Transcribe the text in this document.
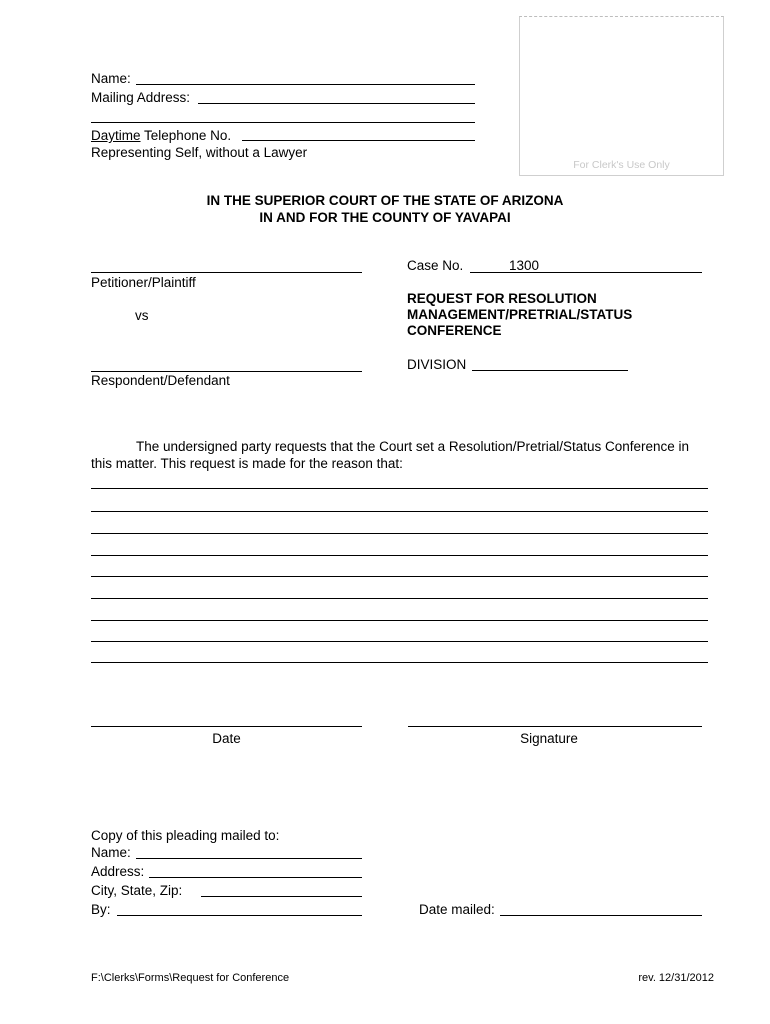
For Clerk's Use Only
Name:
Mailing Address:
Daytime Telephone No.
Representing Self, without a Lawyer
IN THE SUPERIOR COURT OF THE STATE OF ARIZONA
IN AND FOR THE COUNTY OF YAVAPAI
Petitioner/Plaintiff
vs
Respondent/Defendant
Case No.	1300
REQUEST FOR RESOLUTION
MANAGEMENT/PRETRIAL/STATUS
CONFERENCE
DIVISION
The undersigned party requests that the Court set a Resolution/Pretrial/Status Conference in
this matter. This request is made for the reason that:
Date	Signature
Copy of this pleading mailed to:
Name:
Address:
City, State, Zip:
By:	Date mailed:
F:\Clerks\Forms\Request for Conference	rev. 12/31/2012
